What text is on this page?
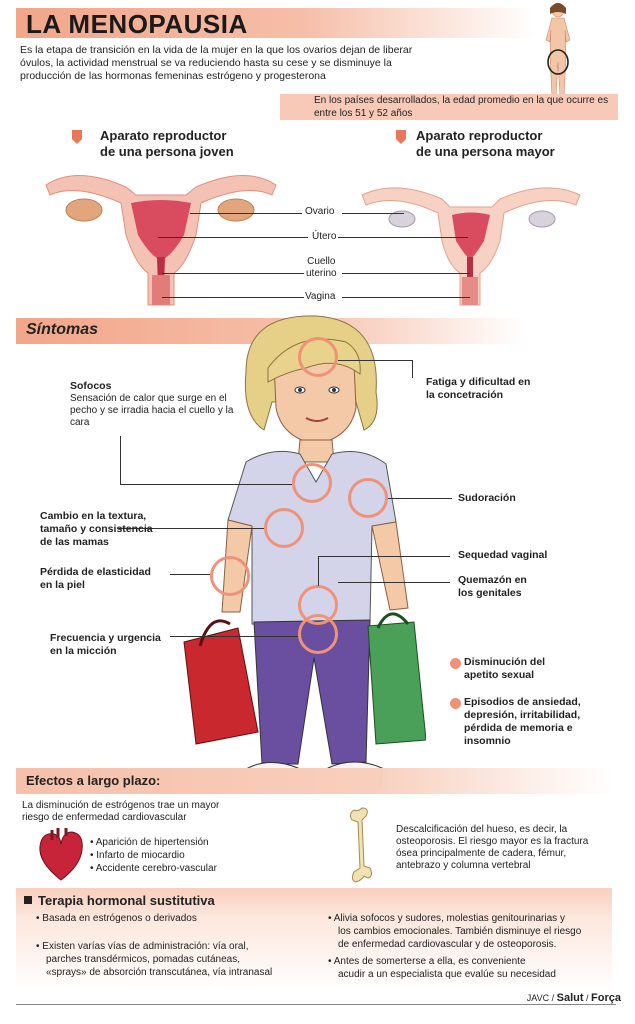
LA MENOPAUSIA
Es la etapa de transición en la vida de la mujer en la que los ovarios dejan de liberar óvulos, la actividad menstrual se va reduciendo hasta su cese y se disminuye la producción de las hormonas femeninas estrógeno y progesterona
En los países desarrollados, la edad promedio en la que ocurre es entre los 51 y 52 años
Aparato reproductor
de una persona joven
Aparato reproductor
de una persona mayor
Ovario
Útero
Cuello
uterino
Vagina
Síntomas
Sofocos
Sensación de calor que surge en el pecho y se irradia hacia el cuello y la cara
Fatiga y dificultad en
la concetración
Cambio en la textura,
tamaño y consistencia
de las mamas
Sudoración
Pérdida de elasticidad
en la piel
Sequedad vaginal
Quemazón en
los genitales
Frecuencia y urgencia
en la micción
Disminución del
apetito sexual
Episodios de ansiedad,
depresión, irritabilidad,
pérdida de memoria e
insomnio
Efectos a largo plazo:
La disminución de estrógenos trae un mayor
riesgo de enfermedad cardiovascular
• Aparición de hipertensión
• Infarto de miocardio
• Accidente cerebro-vascular
Descalcificación del hueso, es decir, la
osteoporosis. El riesgo mayor es la fractura
ósea principalmente de cadera, fémur,
antebrazo y columna vertebral
Terapia hormonal sustitutiva
• Basada en estrógenos o derivados
• Existen varías vías de administración: vía oral,
parches transdérmicos, pomadas cutáneas,
«sprays» de absorción transcutánea, vía intranasal
• Alivia sofocos y sudores, molestias genitourinarias y
los cambios emocionales. También disminuye el riesgo
de enfermedad cardiovascular y de osteoporosis.
• Antes de somerterse a ella, es conveniente
acudir a un especialista que evalúe su necesidad
JAVC / Salut / Força
